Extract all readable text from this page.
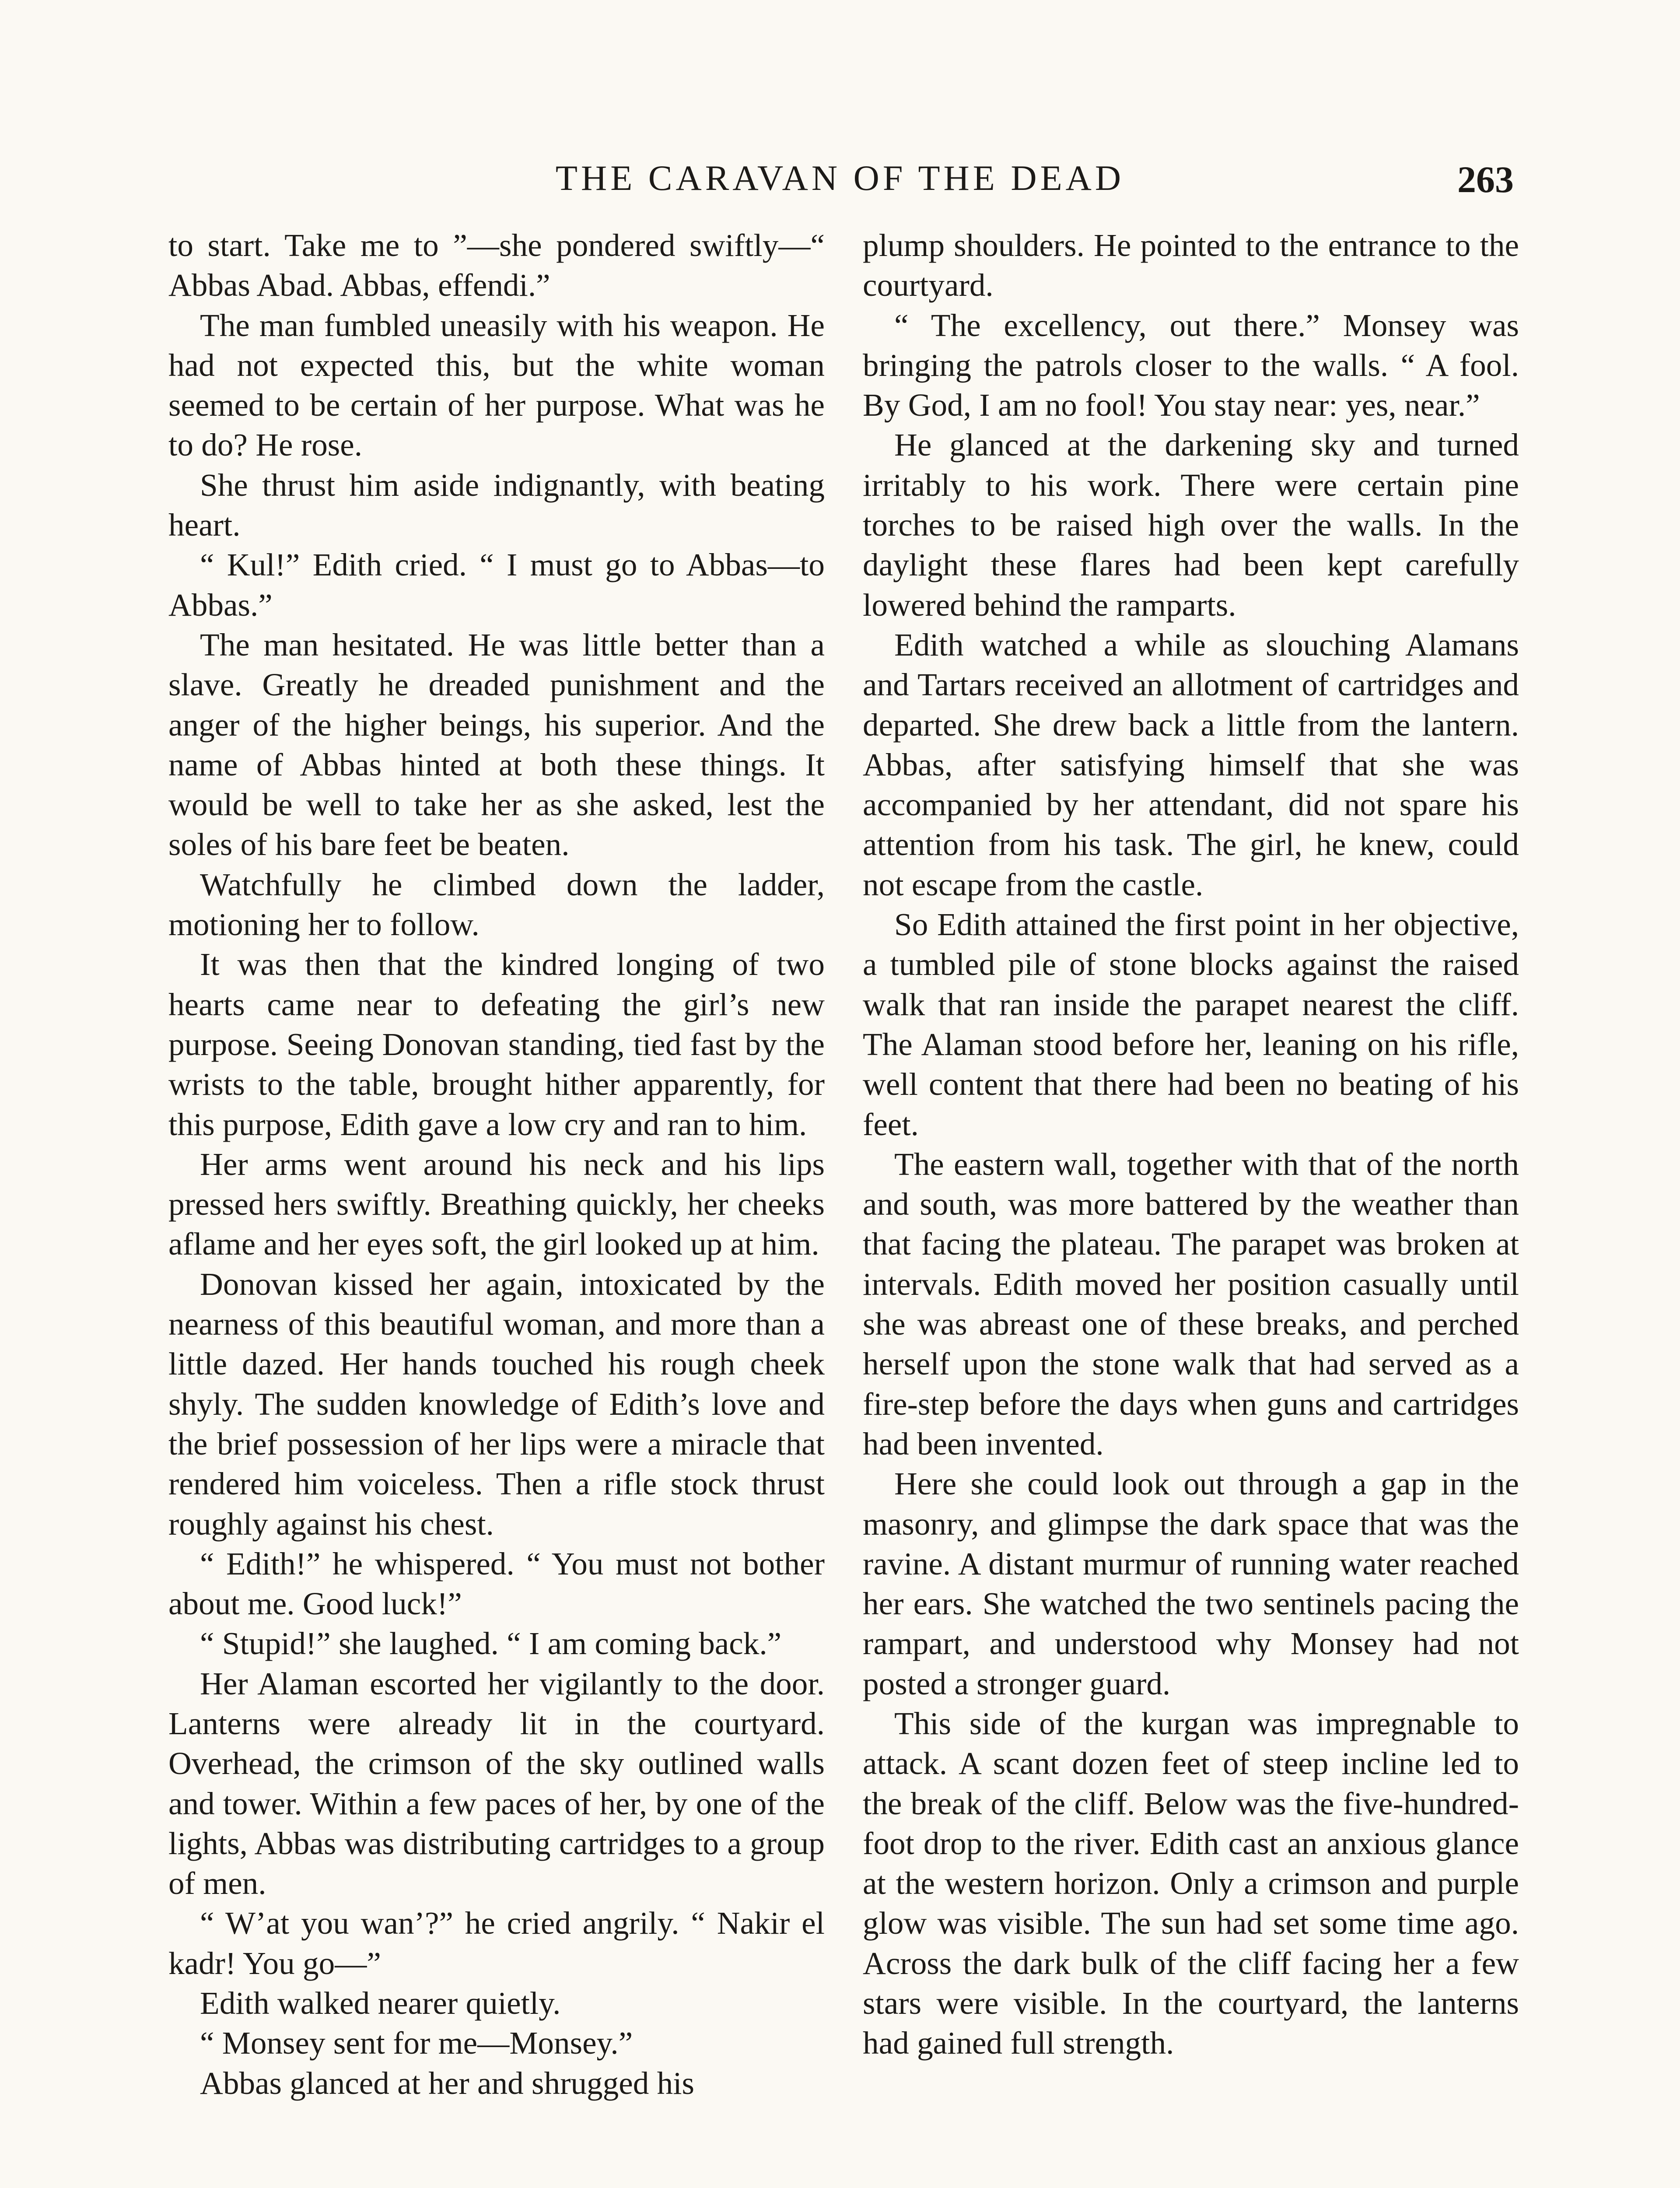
THE CARAVAN OF THE DEAD	263

to start. Take me to ”—she pondered swiftly—“ Abbas Abad. Abbas, effendi.”

The man fumbled uneasily with his weapon. He had not expected this, but the white woman seemed to be certain of her purpose. What was he to do? He rose.

She thrust him aside indignantly, with beating heart.

“ Kul!” Edith cried. “ I must go to Abbas—to Abbas.”

The man hesitated. He was little better than a slave. Greatly he dreaded punishment and the anger of the higher beings, his superior. And the name of Abbas hinted at both these things. It would be well to take her as she asked, lest the soles of his bare feet be beaten.

Watchfully he climbed down the ladder, motioning her to follow.

It was then that the kindred longing of two hearts came near to defeating the girl’s new purpose. Seeing Donovan standing, tied fast by the wrists to the table, brought hither apparently, for this purpose, Edith gave a low cry and ran to him.

Her arms went around his neck and his lips pressed hers swiftly. Breathing quickly, her cheeks aflame and her eyes soft, the girl looked up at him.

Donovan kissed her again, intoxicated by the nearness of this beautiful woman, and more than a little dazed. Her hands touched his rough cheek shyly. The sudden knowledge of Edith’s love and the brief possession of her lips were a miracle that rendered him voiceless. Then a rifle stock thrust roughly against his chest.

“ Edith!” he whispered. “ You must not bother about me. Good luck!”

“ Stupid!” she laughed. “ I am coming back.”

Her Alaman escorted her vigilantly to the door. Lanterns were already lit in the courtyard. Overhead, the crimson of the sky outlined walls and tower. Within a few paces of her, by one of the lights, Abbas was distributing cartridges to a group of men.

“ W’at you wan’?” he cried angrily. “ Nakir el kadr! You go—”

Edith walked nearer quietly.

“ Monsey sent for me—Monsey.”

Abbas glanced at her and shrugged his

plump shoulders. He pointed to the entrance to the courtyard.

“ The excellency, out there.” Monsey was bringing the patrols closer to the walls. “ A fool. By God, I am no fool! You stay near: yes, near.”

He glanced at the darkening sky and turned irritably to his work. There were certain pine torches to be raised high over the walls. In the daylight these flares had been kept carefully lowered behind the ramparts.

Edith watched a while as slouching Alamans and Tartars received an allotment of cartridges and departed. She drew back a little from the lantern. Abbas, after satisfying himself that she was accompanied by her attendant, did not spare his attention from his task. The girl, he knew, could not escape from the castle.

So Edith attained the first point in her objective, a tumbled pile of stone blocks against the raised walk that ran inside the parapet nearest the cliff. The Alaman stood before her, leaning on his rifle, well content that there had been no beating of his feet.

The eastern wall, together with that of the north and south, was more battered by the weather than that facing the plateau. The parapet was broken at intervals. Edith moved her position casually until she was abreast one of these breaks, and perched herself upon the stone walk that had served as a fire-step before the days when guns and cartridges had been invented.

Here she could look out through a gap in the masonry, and glimpse the dark space that was the ravine. A distant murmur of running water reached her ears. She watched the two sentinels pacing the rampart, and understood why Monsey had not posted a stronger guard.

This side of the kurgan was impregnable to attack. A scant dozen feet of steep incline led to the break of the cliff. Below was the five-hundred-foot drop to the river. Edith cast an anxious glance at the western horizon. Only a crimson and purple glow was visible. The sun had set some time ago. Across the dark bulk of the cliff facing her a few stars were visible. In the courtyard, the lanterns had gained full strength.
